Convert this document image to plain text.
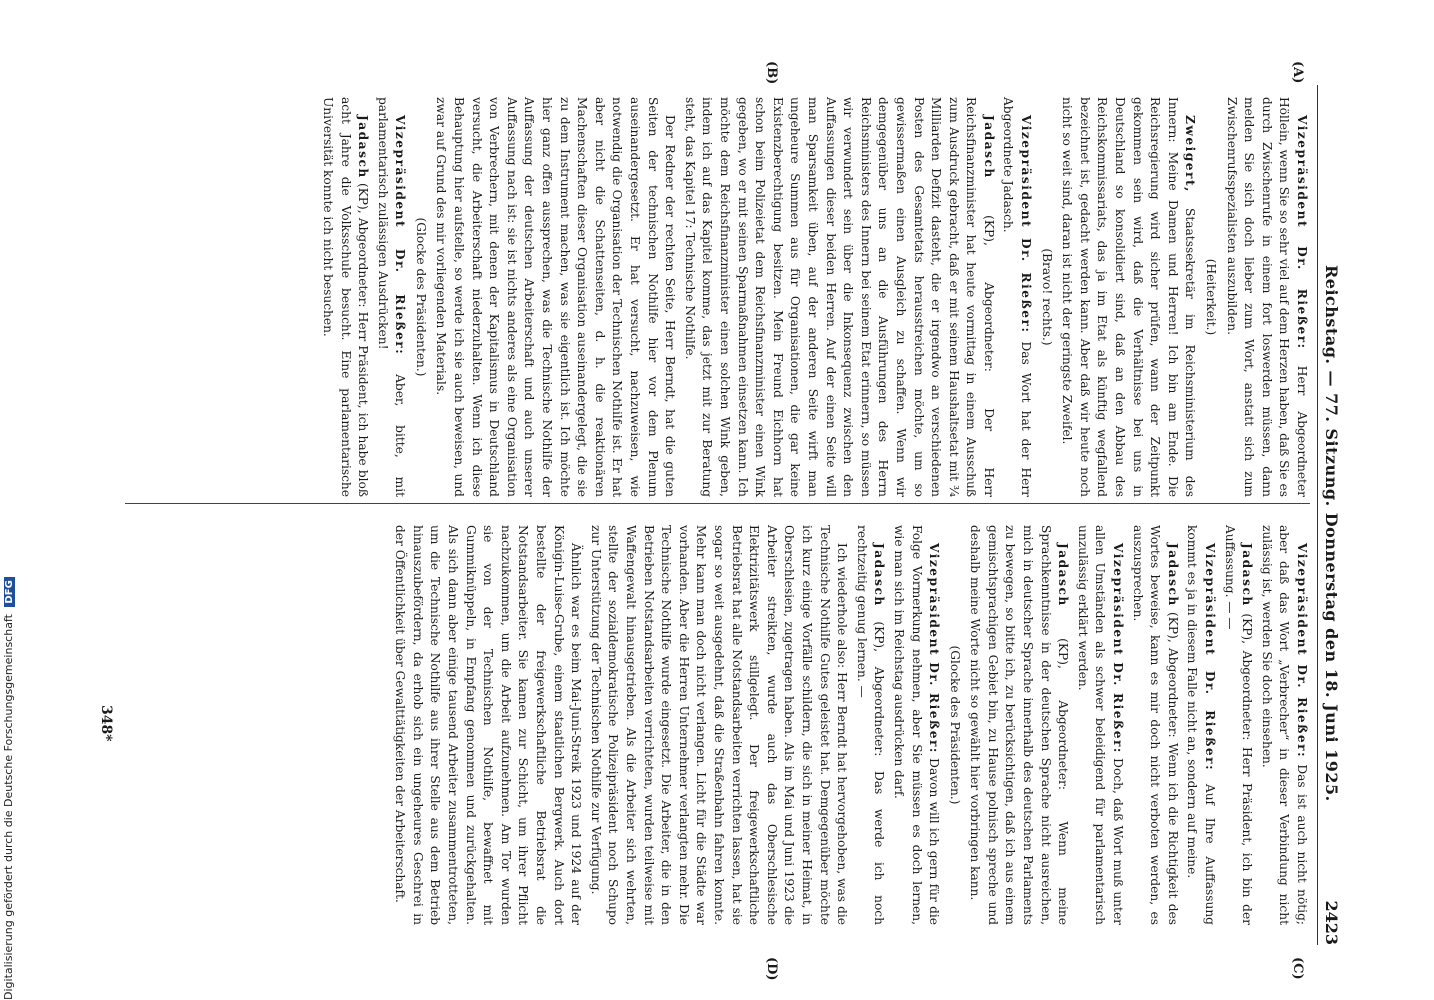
Reichstag. — 77. Sitzung. Donnerstag den 18. Juni 1925.
2423
(A)
(B)
(C)
(D)

Vizepräsident Dr. Rießer: Herr Abgeordneter Höllein, wenn Sie so sehr viel auf dem Herzen haben, daß Sie es durch Zwischenrufe in einem fort loswerden müssen, dann melden Sie sich doch lieber zum Wort, anstatt sich zum Zwischenrufsspezialisten auszubilden.

(Heiterkeit.)

Zweigert, Staatssekretär im Reichsministerium des Innern: Meine Damen und Herren! Ich bin am Ende. Die Reichsregierung wird sicher prüfen, wann der Zeitpunkt gekommen sein wird, daß die Verhältnisse bei uns in Deutschland so konsolidiert sind, daß an den Abbau des Reichskommissariats, das ja im Etat als künftig wegfallend bezeichnet ist, gedacht werden kann. Aber daß wir heute noch nicht so weit sind, daran ist nicht der geringste Zweifel.

(Bravo! rechts.)

Vizepräsident Dr. Rießer: Das Wort hat der Herr Abgeordnete Jadasch.

Jadasch (KP), Abgeordneter: Der Herr Reichsfinanzminister hat heute vormittag in einem Ausschuß zum Ausdruck gebracht, daß er mit seinem Haushaltsetat mit ¾ Milliarden Defizit dasteht, die er irgendwo an verschiedenen Posten des Gesamtetats herausstreichen möchte, um so gewissermaßen einen Ausgleich zu schaffen. Wenn wir demgegenüber uns an die Ausführungen des Herrn Reichsministers des Innern bei seinem Etat erinnern, so müssen wir verwundert sein über die Inkonsequenz zwischen den Auffassungen dieser beiden Herren. Auf der einen Seite will man Sparsamkeit üben, auf der anderen Seite wirft man ungeheure Summen aus für Organisationen, die gar keine Existenzberechtigung besitzen. Mein Freund Eichhorn hat schon beim Polizeietat dem Reichsfinanzminister einen Wink gegeben, wo er mit seinen Sparmaßnahmen einsetzen kann. Ich möchte dem Reichsfinanzminister einen solchen Wink geben, indem ich auf das Kapitel komme, das jetzt mit zur Beratung steht, das Kapitel 17: Technische Nothilfe.

Der Redner der rechten Seite, Herr Berndt, hat die guten Seiten der technischen Nothilfe hier vor dem Plenum auseinandergesetzt. Er hat versucht, nachzuweisen, wie notwendig die Organisation der Technischen Nothilfe ist. Er hat aber nicht die Schattenseiten, d. h. die reaktionären Machenschaften dieser Organisation auseinandergelegt, die sie zu dem Instrument machen, was sie eigentlich ist. Ich möchte hier ganz offen aussprechen, was die Technische Nothilfe der Auffassung der deutschen Arbeiterschaft und auch unserer Auffassung nach ist: sie ist nichts anderes als eine Organisation von Verbrechern, mit denen der Kapitalismus in Deutschland versucht, die Arbeiterschaft niederzuhalten. Wenn ich diese Behauptung hier aufstelle, so werde ich sie auch beweisen, und zwar auf Grund des mir vorliegenden Materials.

(Glocke des Präsidenten.)

Vizepräsident Dr. Rießer: Aber, bitte, mit parlamentarisch zulässigen Ausdrücken!

Jadasch (KP), Abgeordneter: Herr Präsident, ich habe bloß acht Jahre die Volksschule besucht. Eine parlamentarische Universität konnte ich nicht besuchen.

Vizepräsident Dr. Rießer: Das ist auch nicht nötig; aber daß das Wort „Verbrecher“ in dieser Verbindung nicht zulässig ist, werden Sie doch einsehen.

Jadasch (KP), Abgeordneter: Herr Präsident, ich bin der Auffassung. — —

Vizepräsident Dr. Rießer: Auf Ihre Auffassung kommt es ja in diesem Falle nicht an, sondern auf meine.

Jadasch (KP), Abgeordneter: Wenn ich die Richtigkeit des Wortes beweise, kann es mir doch nicht verboten werden, es auszusprechen.

Vizepräsident Dr. Rießer: Doch, daß Wort muß unter allen Umständen als schwer beleidigend für parlamentarisch unzulässig erklärt werden.

Jadasch (KP), Abgeordneter: Wenn meine Sprachkenntnisse in der deutschen Sprache nicht ausreichen, mich in deutscher Sprache innerhalb des deutschen Parlaments zu bewegen, so bitte ich, zu berücksichtigen, daß ich aus einem gemischtsprachigen Gebiet bin, zu Hause polnisch spreche und deshalb meine Worte nicht so gewählt hier vorbringen kann.

(Glocke des Präsidenten.)

Vizepräsident Dr. Rießer: Davon will ich gern für die Folge Vormerkung nehmen, aber Sie müssen es doch lernen, wie man sich im Reichstag ausdrücken darf.

Jadasch (KP), Abgeordneter: Das werde ich noch rechtzeitig genug lernen. —

Ich wiederhole also: Herr Berndt hat hervorgehoben, was die Technische Nothilfe Gutes geleistet hat. Demgegenüber möchte ich kurz einige Vorfälle schildern, die sich in meiner Heimat, in Oberschlesien, zugetragen haben. Als im Mai und Juni 1923 die Arbeiter streikten, wurde auch das Oberschlesische Elektrizitätswerk stillgelegt. Der freigewerkschaftliche Betriebsrat hat alle Notstandsarbeiten verrichten lassen, hat sie sogar so weit ausgedehnt, daß die Straßenbahn fahren konnte. Mehr kann man doch nicht verlangen. Licht für die Städte war vorhanden. Aber die Herren Unternehmer verlangten mehr. Die Technische Nothilfe wurde eingesetzt. Die Arbeiter, die in den Betrieben Notstandsarbeiten verrichteten, wurden teilweise mit Waffengewalt hinausgetrieben. Als die Arbeiter sich wehrten, stellte der sozialdemokratische Polizeipräsident noch Schupo zur Unterstützung der Technischen Nothilfe zur Verfügung.

Ähnlich war es beim Mai-Juni-Streik 1923 und 1924 auf der Königin-Luise-Grube, einem staatlichen Bergwerk. Auch dort bestellte der freigewerkschaftliche Betriebsrat die Notstandsarbeiter. Sie kamen zur Schicht, um ihrer Pflicht nachzukommen, um die Arbeit aufzunehmen. Am Tor wurden sie von der Technischen Nothilfe, bewaffnet mit Gummiknüppeln, in Empfang genommen und zurückgehalten. Als sich dann aber einige tausend Arbeiter zusammentrotteten, um die Technische Nothilfe aus ihrer Stelle aus dem Betrieb hinauszubefördern, da erhob sich ein ungeheures Geschrei in der Öffentlichkeit über Gewalttätigkeiten der Arbeiterschaft.

348*
Digitalisierung gefördert durch die Deutsche Forschungsgemeinschaft DFG
